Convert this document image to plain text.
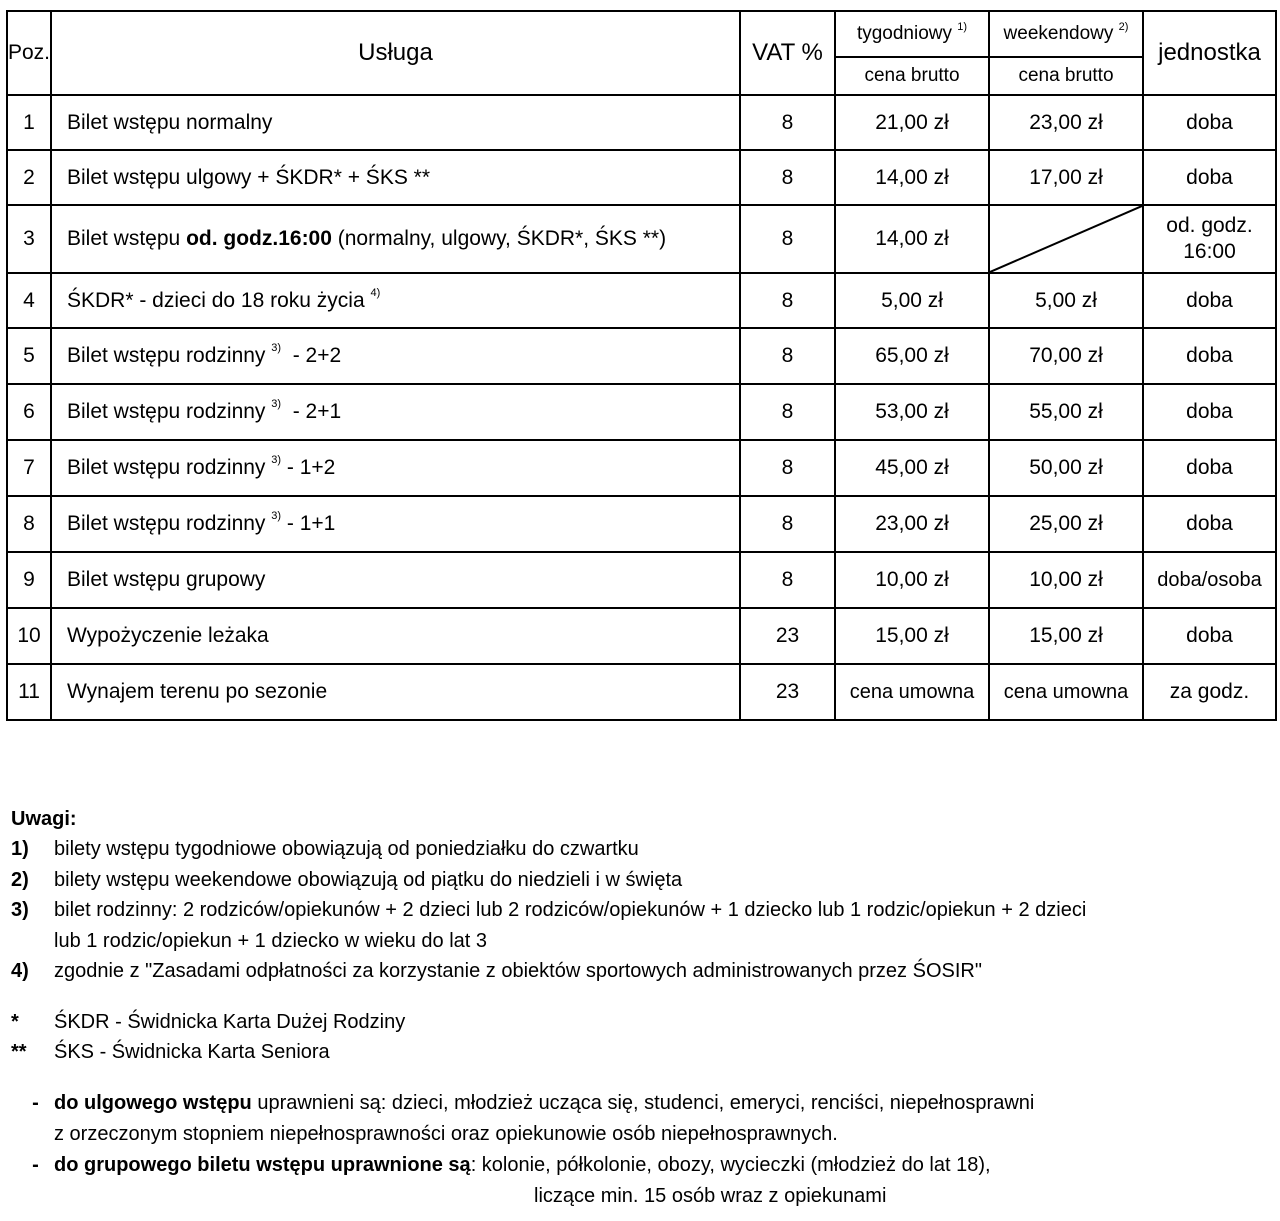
Poz.	Usługa	VAT %	tygodniowy $^{1)}$	weekendowy $^{2)}$	jednostka
			cena brutto	cena brutto	
1	Bilet wstępu normalny	8	21,00 zł	23,00 zł	doba
2	Bilet wstępu ulgowy + ŚKDR* + ŚKS **	8	14,00 zł	17,00 zł	doba
3	Bilet wstępu od. godz.16:00 (normalny, ulgowy, ŚKDR*, ŚKS **)	8	14,00 zł		od. godz.
16:00

4	ŚKDR* - dzieci do 18 roku życia $^{4)}$	8	5,00 zł	5,00 zł	doba
5	Bilet wstępu rodzinny $^{3)}$  - 2+2	8	65,00 zł	70,00 zł	doba
6	Bilet wstępu rodzinny $^{3)}$  - 2+1	8	53,00 zł	55,00 zł	doba
7	Bilet wstępu rodzinny $^{3)}$ - 1+2	8	45,00 zł	50,00 zł	doba
8	Bilet wstępu rodzinny $^{3)}$ - 1+1	8	23,00 zł	25,00 zł	doba
9	Bilet wstępu grupowy	8	10,00 zł	10,00 zł	doba/osoba
10	Wypożyczenie leżaka	23	15,00 zł	15,00 zł	doba
11	Wynajem terenu po sezonie	23	cena umowna	cena umowna	za godz.
Uwagi:
1)	bilety wstępu tygodniowe obowiązują od poniedziałku do czwartku
2)	bilety wstępu weekendowe obowiązują od piątku do niedzieli i w święta
3)	bilet rodzinny: 2 rodziców/opiekunów + 2 dzieci lub 2 rodziców/opiekunów + 1 dziecko lub 1 rodzic/opiekun + 2 dzieci
lub 1 rodzic/opiekun + 1 dziecko w wieku do lat 3
4)	zgodnie z "Zasadami odpłatności za korzystanie z obiektów sportowych administrowanych przez ŚOSIR"
*	ŚKDR - Świdnicka Karta Dużej Rodziny
**	ŚKS - Świdnicka Karta Seniora
- do ulgowego wstępu uprawnieni są: dzieci, młodzież ucząca się, studenci, emeryci, renciści, niepełnosprawni
z orzeczonym stopniem niepełnosprawności oraz opiekunowie osób niepełnosprawnych.
- do grupowego biletu wstępu uprawnione są: kolonie, półkolonie, obozy, wycieczki (młodzież do lat 18),
liczące min. 15 osób wraz z opiekunami
